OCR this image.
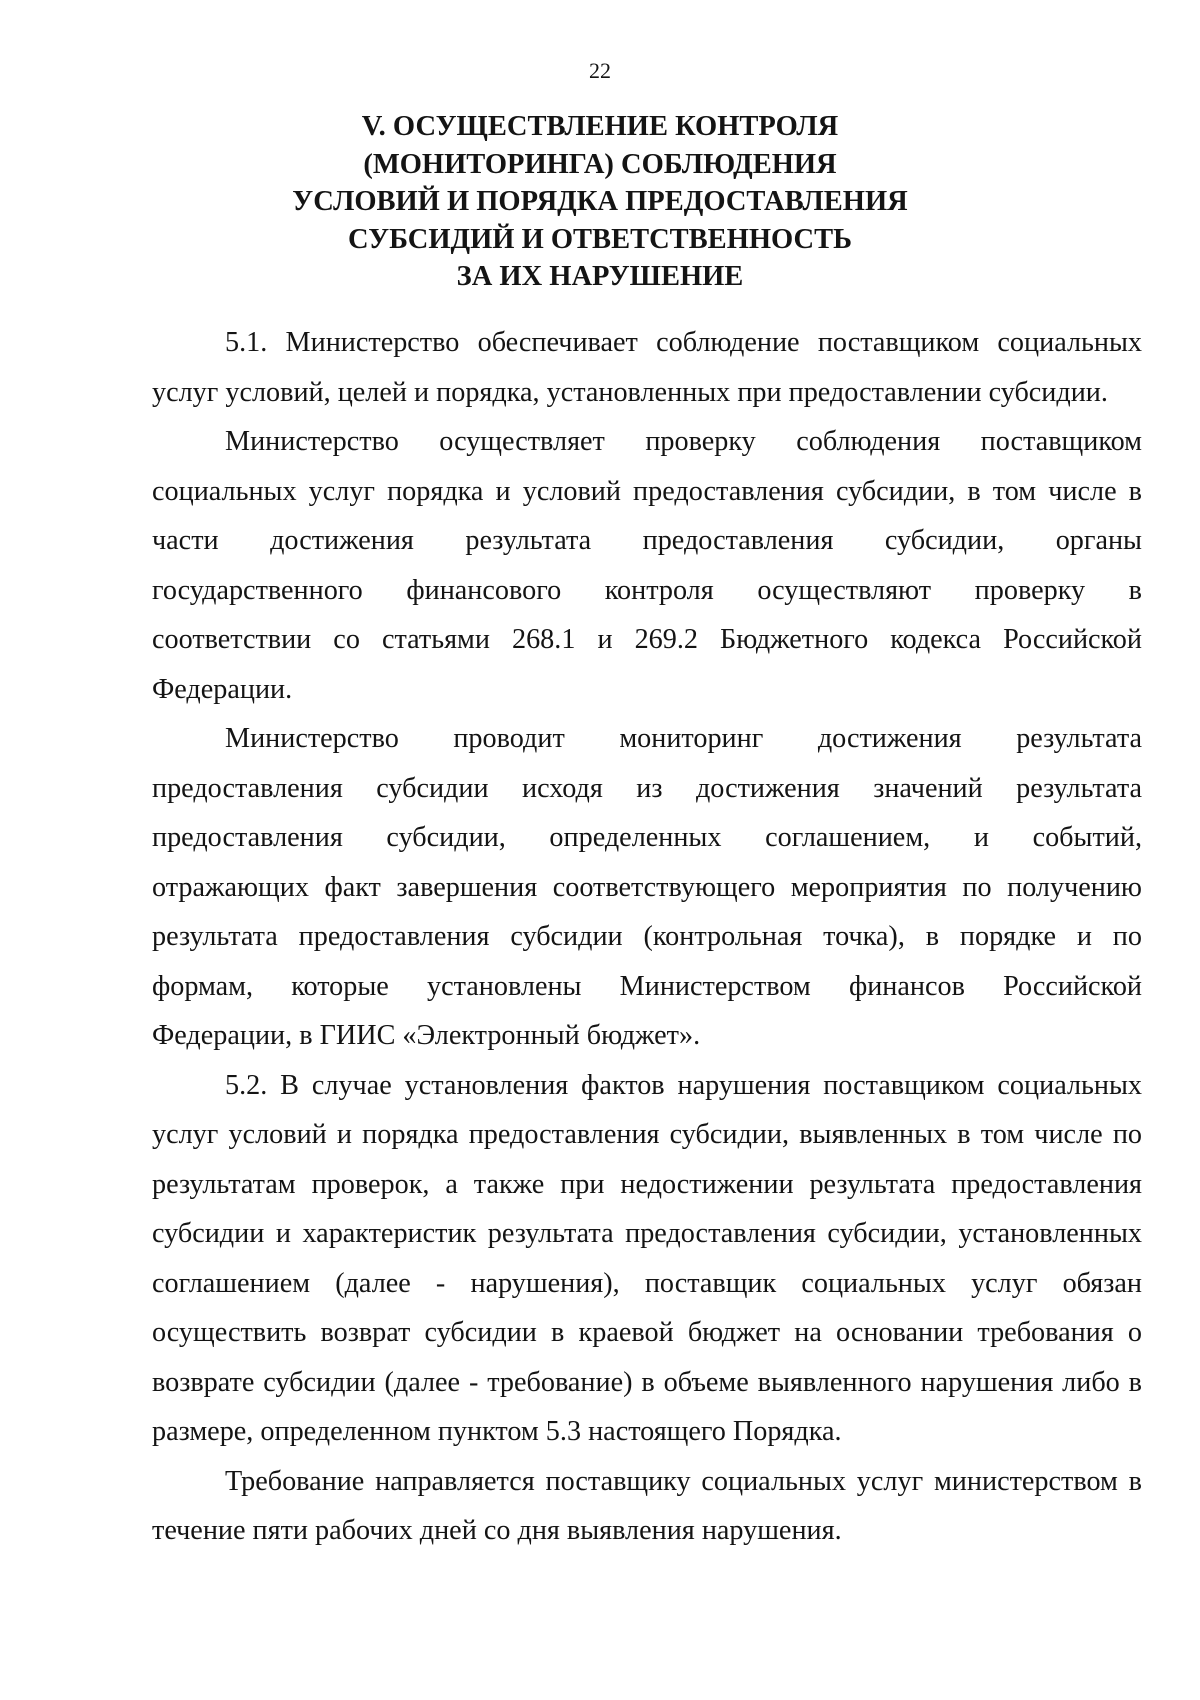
22
V. ОСУЩЕСТВЛЕНИЕ КОНТРОЛЯ
(МОНИТОРИНГА) СОБЛЮДЕНИЯ
УСЛОВИЙ И ПОРЯДКА ПРЕДОСТАВЛЕНИЯ
СУБСИДИЙ И ОТВЕТСТВЕННОСТЬ
ЗА ИХ НАРУШЕНИЕ
5.1. Министерство обеспечивает соблюдение поставщиком социальных
услуг условий, целей и порядка, установленных при предоставлении субсидии.
Министерство осуществляет проверку соблюдения поставщиком
социальных услуг порядка и условий предоставления субсидии, в том числе в
части достижения результата предоставления субсидии, органы
государственного финансового контроля осуществляют проверку в
соответствии со статьями 268.1 и 269.2 Бюджетного кодекса Российской
Федерации.
Министерство проводит мониторинг достижения результата
предоставления субсидии исходя из достижения значений результата
предоставления субсидии, определенных соглашением, и событий,
отражающих факт завершения соответствующего мероприятия по получению
результата предоставления субсидии (контрольная точка), в порядке и по
формам, которые установлены Министерством финансов Российской
Федерации, в ГИИС «Электронный бюджет».
5.2. В случае установления фактов нарушения поставщиком социальных
услуг условий и порядка предоставления субсидии, выявленных в том числе по
результатам проверок, а также при недостижении результата предоставления
субсидии и характеристик результата предоставления субсидии, установленных
соглашением (далее - нарушения), поставщик социальных услуг обязан
осуществить возврат субсидии в краевой бюджет на основании требования о
возврате субсидии (далее - требование) в объеме выявленного нарушения либо в
размере, определенном пунктом 5.3 настоящего Порядка.
Требование направляется поставщику социальных услуг министерством в
течение пяти рабочих дней со дня выявления нарушения.
